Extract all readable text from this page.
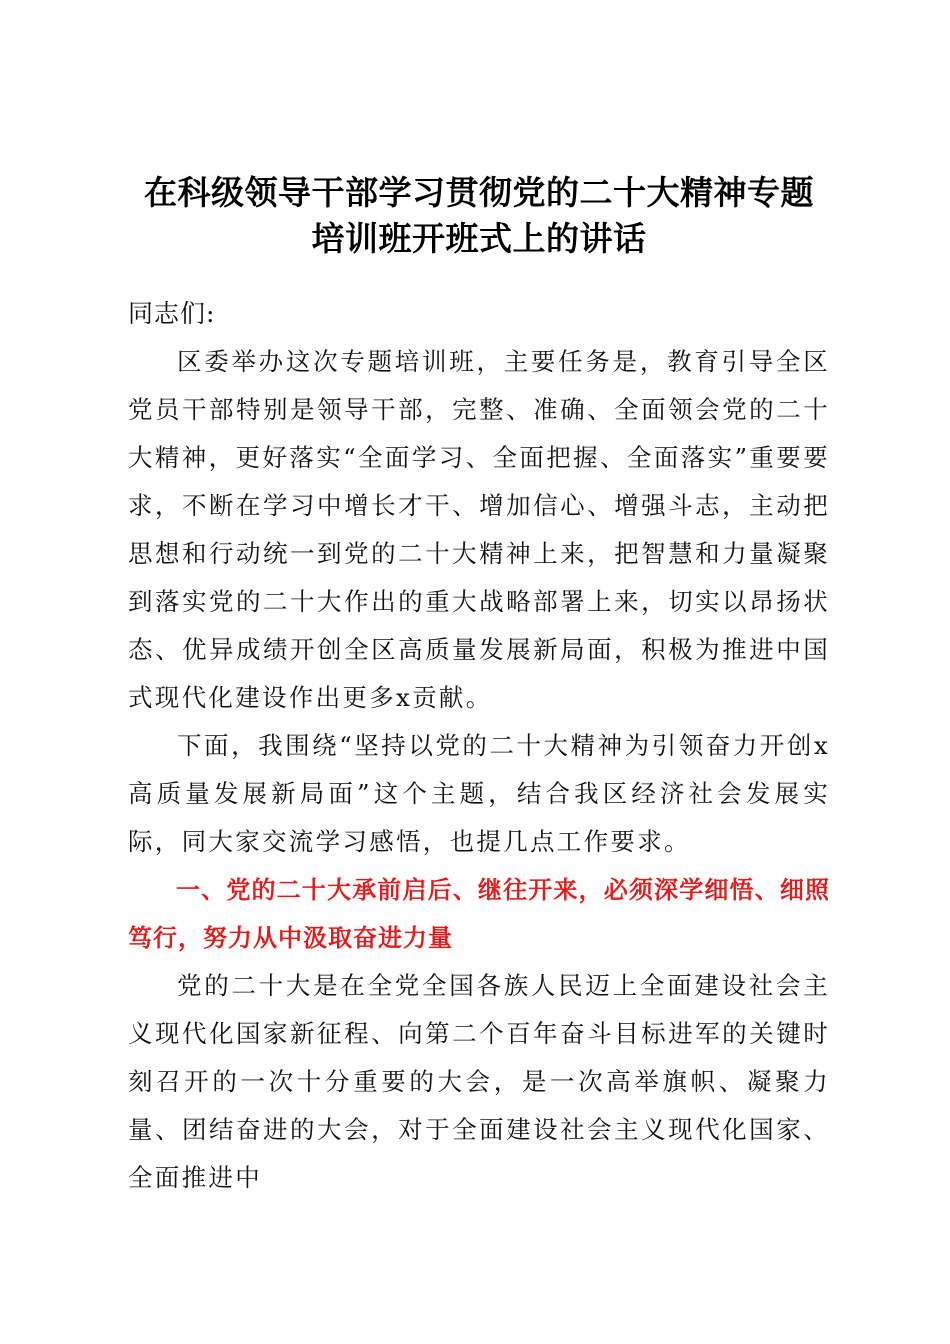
在科级领导干部学习贯彻党的二十大精神专题
培训班开班式上的讲话

同志们:

区委举办这次专题培训班，主要任务是，教育引导全区党员干部特别是领导干部，完整、准确、全面领会党的二十大精神，更好落实“全面学习、全面把握、全面落实”重要要求，不断在学习中增长才干、增加信心、增强斗志，主动把思想和行动统一到党的二十大精神上来，把智慧和力量凝聚到落实党的二十大作出的重大战略部署上来，切实以昂扬状态、优异成绩开创全区高质量发展新局面，积极为推进中国式现代化建设作出更多x贡献。

下面，我围绕“坚持以党的二十大精神为引领奋力开创x高质量发展新局面”这个主题，结合我区经济社会发展实际，同大家交流学习感悟，也提几点工作要求。

一、党的二十大承前启后、继往开来，必须深学细悟、细照笃行，努力从中汲取奋进力量

党的二十大是在全党全国各族人民迈上全面建设社会主义现代化国家新征程、向第二个百年奋斗目标进军的关键时刻召开的一次十分重要的大会，是一次高举旗帜、凝聚力量、团结奋进的大会，对于全面建设社会主义现代化国家、全面推进中
